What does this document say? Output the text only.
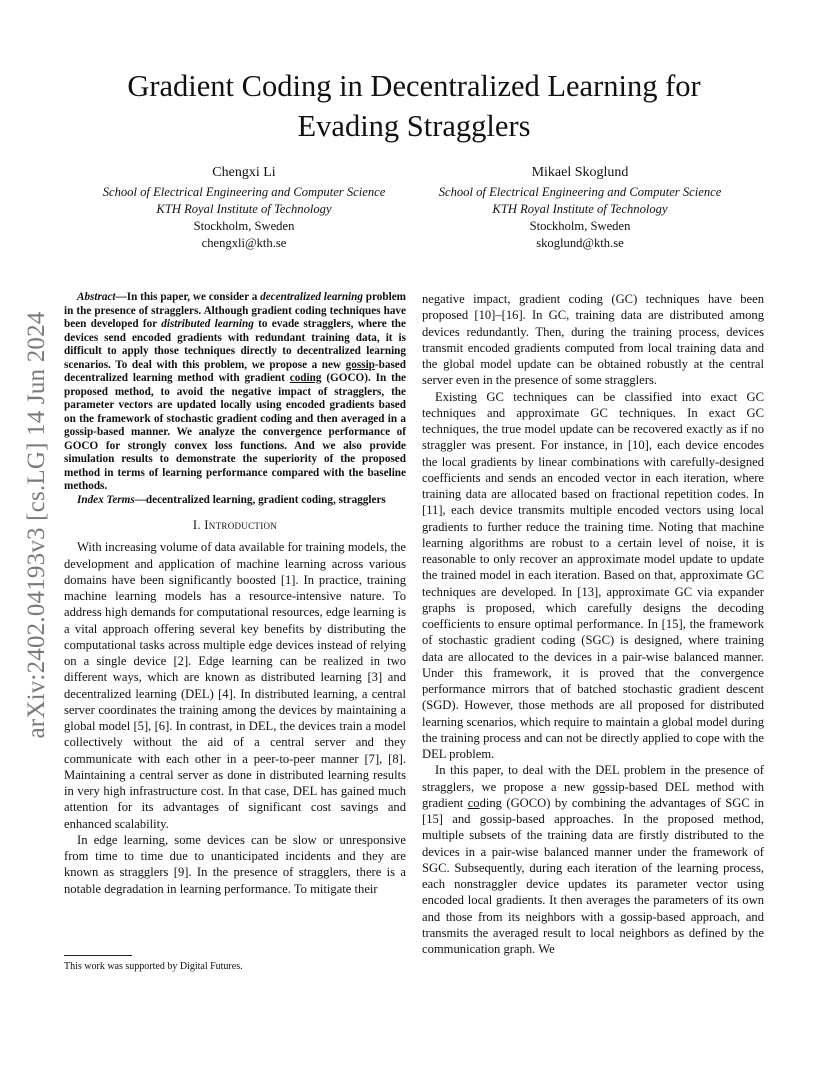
arXiv:2402.04193v3 [cs.LG] 14 Jun 2024
Gradient Coding in Decentralized Learning for
Evading Stragglers
Chengxi Li
School of Electrical Engineering and Computer Science
KTH Royal Institute of Technology
Stockholm, Sweden
chengxli@kth.se
Mikael Skoglund
School of Electrical Engineering and Computer Science
KTH Royal Institute of Technology
Stockholm, Sweden
skoglund@kth.se

Abstract—In this paper, we consider a decentralized learning problem in the presence of stragglers. Although gradient coding techniques have been developed for distributed learning to evade stragglers, where the devices send encoded gradients with redundant training data, it is difficult to apply those techniques directly to decentralized learning scenarios. To deal with this problem, we propose a new gossip-based decentralized learning method with gradient coding (GOCO). In the proposed method, to avoid the negative impact of stragglers, the parameter vectors are updated locally using encoded gradients based on the framework of stochastic gradient coding and then averaged in a gossip-based manner. We analyze the convergence performance of GOCO for strongly convex loss functions. And we also provide simulation results to demonstrate the superiority of the proposed method in terms of learning performance compared with the baseline methods.

Index Terms—decentralized learning, gradient coding, stragglers

I. Introduction

With increasing volume of data available for training models, the development and application of machine learning across various domains have been significantly boosted [1]. In practice, training machine learning models has a resource-intensive nature. To address high demands for computational resources, edge learning is a vital approach offering several key benefits by distributing the computational tasks across multiple edge devices instead of relying on a single device [2]. Edge learning can be realized in two different ways, which are known as distributed learning [3] and decentralized learning (DEL) [4]. In distributed learning, a central server coordinates the training among the devices by maintaining a global model [5], [6]. In contrast, in DEL, the devices train a model collectively without the aid of a central server and they communicate with each other in a peer-to-peer manner [7], [8]. Maintaining a central server as done in distributed learning results in very high infrastructure cost. In that case, DEL has gained much attention for its advantages of significant cost savings and enhanced scalability.

In edge learning, some devices can be slow or unresponsive from time to time due to unanticipated incidents and they are known as stragglers [9]. In the presence of stragglers, there is a notable degradation in learning performance. To mitigate their

negative impact, gradient coding (GC) techniques have been proposed [10]–[16]. In GC, training data are distributed among devices redundantly. Then, during the training process, devices transmit encoded gradients computed from local training data and the global model update can be obtained robustly at the central server even in the presence of some stragglers.

Existing GC techniques can be classified into exact GC techniques and approximate GC techniques. In exact GC techniques, the true model update can be recovered exactly as if no straggler was present. For instance, in [10], each device encodes the local gradients by linear combinations with carefully-designed coefficients and sends an encoded vector in each iteration, where training data are allocated based on fractional repetition codes. In [11], each device transmits multiple encoded vectors using local gradients to further reduce the training time. Noting that machine learning algorithms are robust to a certain level of noise, it is reasonable to only recover an approximate model update to update the trained model in each iteration. Based on that, approximate GC techniques are developed. In [13], approximate GC via expander graphs is proposed, which carefully designs the decoding coefficients to ensure optimal performance. In [15], the framework of stochastic gradient coding (SGC) is designed, where training data are allocated to the devices in a pair-wise balanced manner. Under this framework, it is proved that the convergence performance mirrors that of batched stochastic gradient descent (SGD). However, those methods are all proposed for distributed learning scenarios, which require to maintain a global model during the training process and can not be directly applied to cope with the DEL problem.

In this paper, to deal with the DEL problem in the presence of stragglers, we propose a new gossip-based DEL method with gradient coding (GOCO) by combining the advantages of SGC in [15] and gossip-based approaches. In the proposed method, multiple subsets of the training data are firstly distributed to the devices in a pair-wise balanced manner under the framework of SGC. Subsequently, during each iteration of the learning process, each nonstraggler device updates its parameter vector using encoded local gradients. It then averages the parameters of its own and those from its neighbors with a gossip-based approach, and transmits the averaged result to local neighbors as defined by the communication graph. We

This work was supported by Digital Futures.
